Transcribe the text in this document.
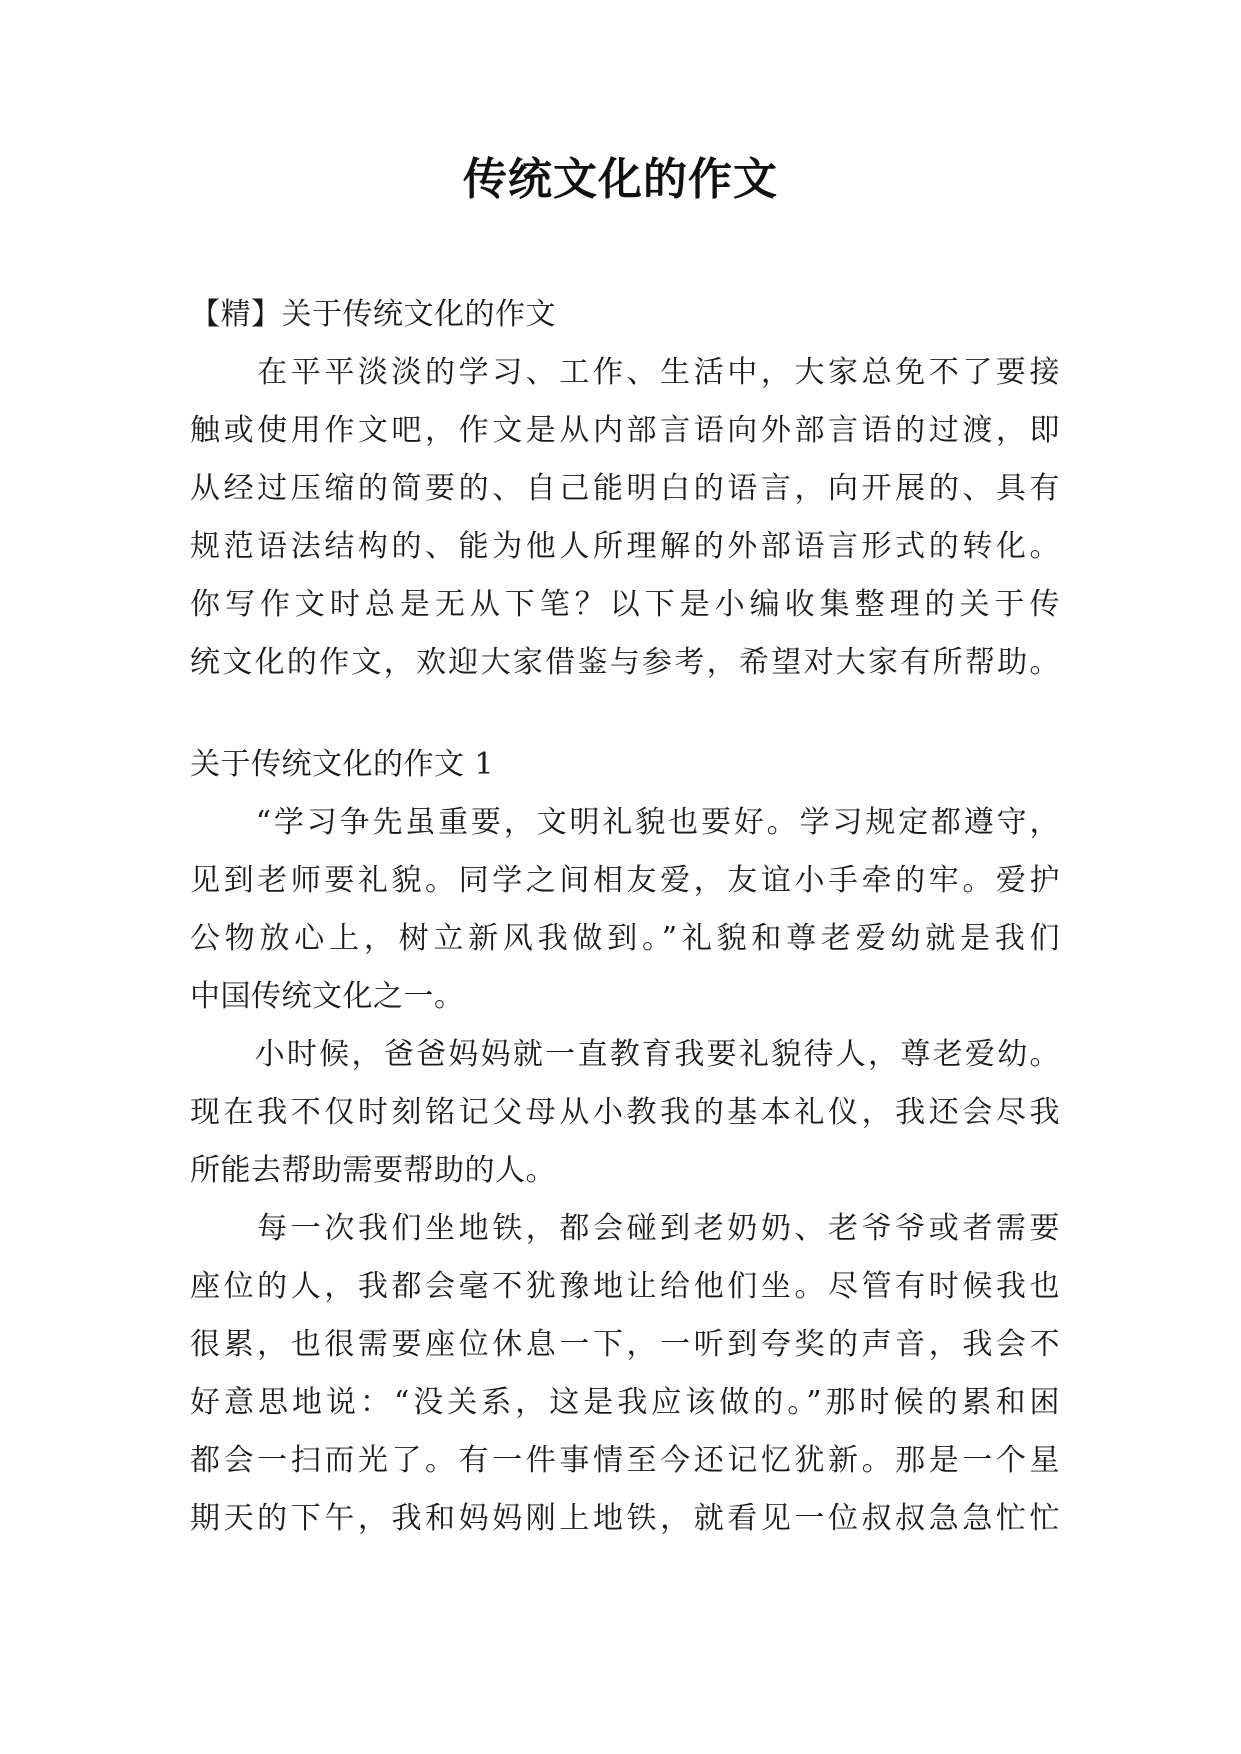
传统文化的作文
【精】关于传统文化的作文
　　在平平淡淡的学习、工作、生活中，大家总免不了要接
触或使用作文吧，作文是从内部言语向外部言语的过渡，即
从经过压缩的简要的、自己能明白的语言，向开展的、具有
规范语法结构的、能为他人所理解的外部语言形式的转化。
你写作文时总是无从下笔？以下是小编收集整理的关于传
统文化的作文，欢迎大家借鉴与参考，希望对大家有所帮助。
关于传统文化的作文 1
　　“学习争先虽重要，文明礼貌也要好。学习规定都遵守，
见到老师要礼貌。同学之间相友爱，友谊小手牵的牢。爱护
公物放心上，树立新风我做到。”礼貌和尊老爱幼就是我们
中国传统文化之一。
　　小时候，爸爸妈妈就一直教育我要礼貌待人，尊老爱幼。
现在我不仅时刻铭记父母从小教我的基本礼仪，我还会尽我
所能去帮助需要帮助的人。
　　每一次我们坐地铁，都会碰到老奶奶、老爷爷或者需要
座位的人，我都会毫不犹豫地让给他们坐。尽管有时候我也
很累，也很需要座位休息一下，一听到夸奖的声音，我会不
好意思地说：“没关系，这是我应该做的。”那时候的累和困
都会一扫而光了。有一件事情至今还记忆犹新。那是一个星
期天的下午，我和妈妈刚上地铁，就看见一位叔叔急急忙忙
